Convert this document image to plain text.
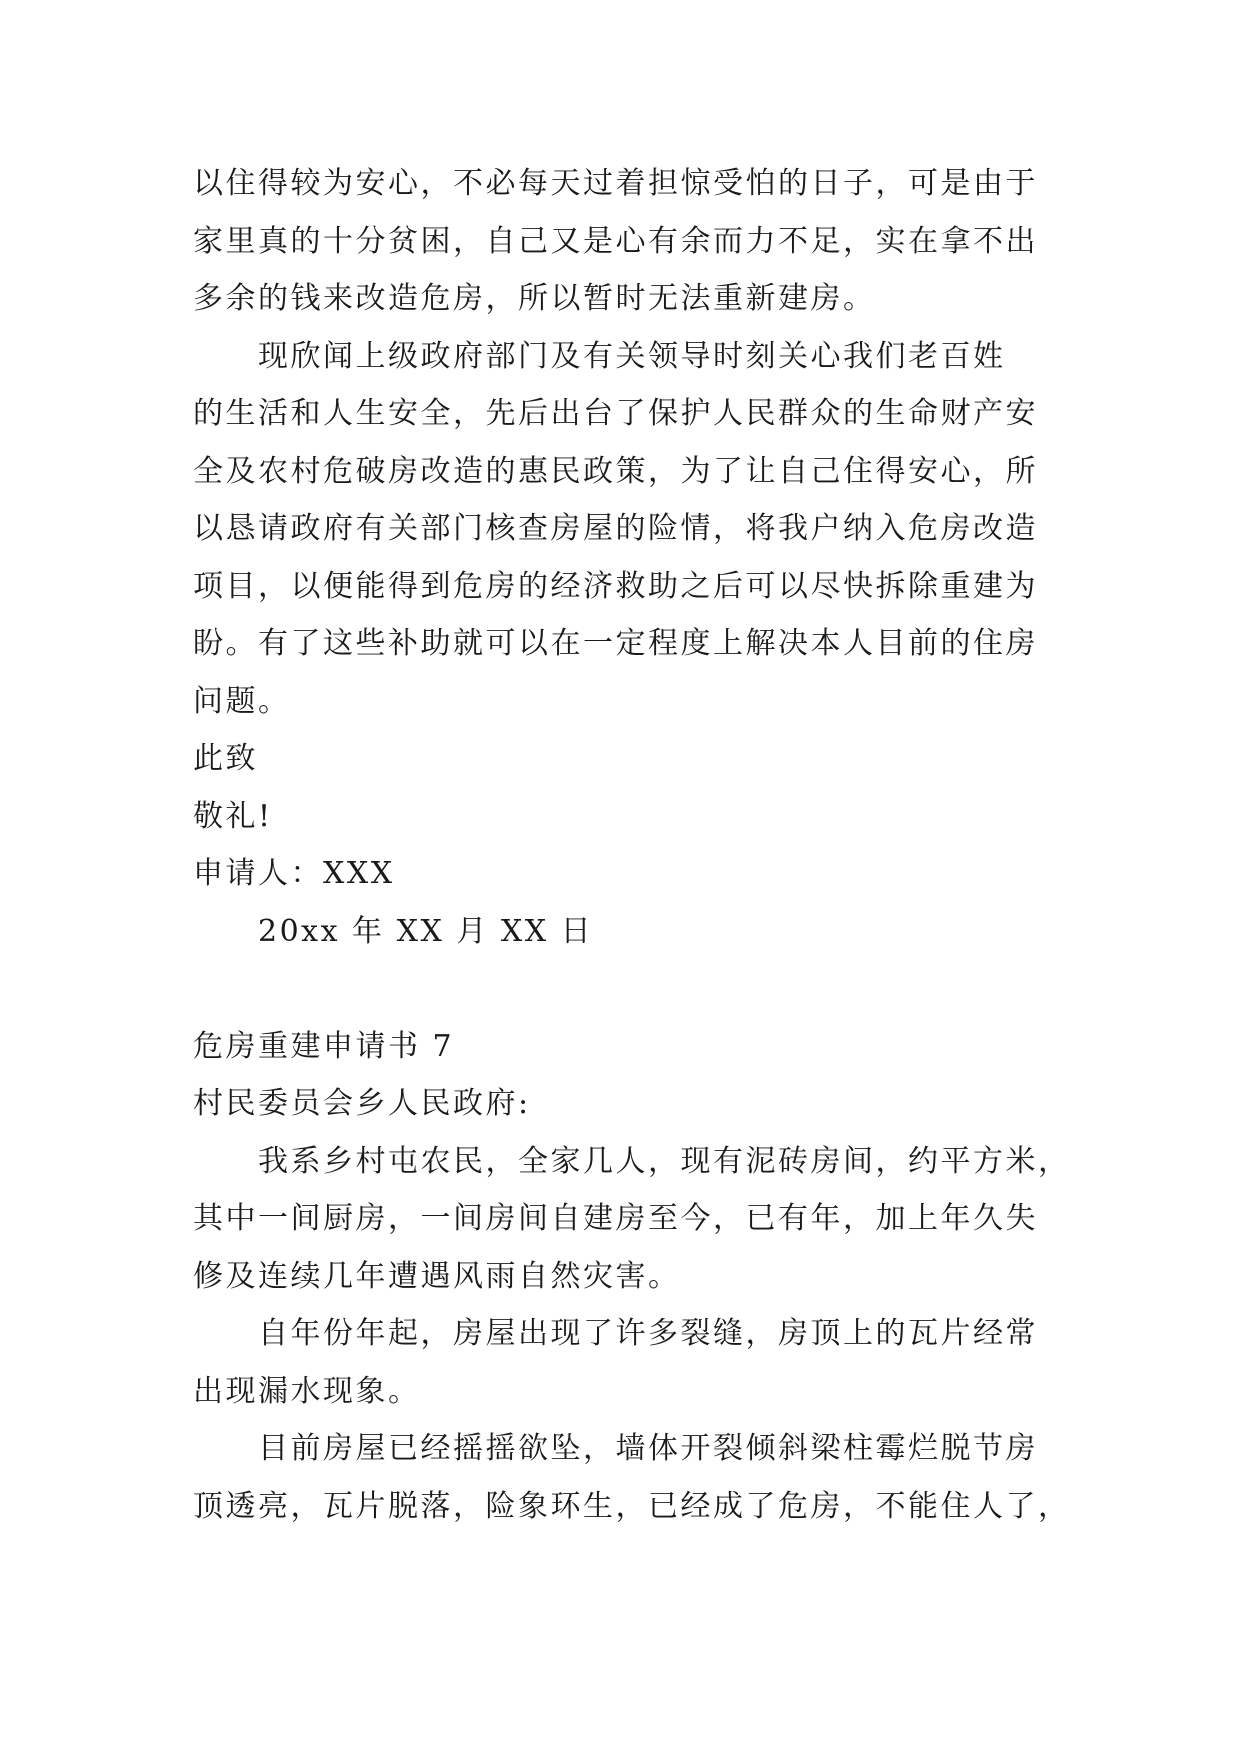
以住得较为安心，不必每天过着担惊受怕的日子，可是由于
家里真的十分贫困，自己又是心有余而力不足，实在拿不出
多余的钱来改造危房，所以暂时无法重新建房。
现欣闻上级政府部门及有关领导时刻关心我们老百姓
的生活和人生安全，先后出台了保护人民群众的生命财产安
全及农村危破房改造的惠民政策，为了让自己住得安心，所
以恳请政府有关部门核查房屋的险情，将我户纳入危房改造
项目，以便能得到危房的经济救助之后可以尽快拆除重建为
盼。有了这些补助就可以在一定程度上解决本人目前的住房
问题。
此致
敬礼!
申请人：XXX
20xx 年 XX 月 XX 日
危房重建申请书 7
村民委员会乡人民政府:
我系乡村屯农民，全家几人，现有泥砖房间，约平方米，
其中一间厨房，一间房间自建房至今，已有年，加上年久失
修及连续几年遭遇风雨自然灾害。
自年份年起，房屋出现了许多裂缝，房顶上的瓦片经常
出现漏水现象。
目前房屋已经摇摇欲坠，墙体开裂倾斜梁柱霉烂脱节房
顶透亮，瓦片脱落，险象环生，已经成了危房，不能住人了，
